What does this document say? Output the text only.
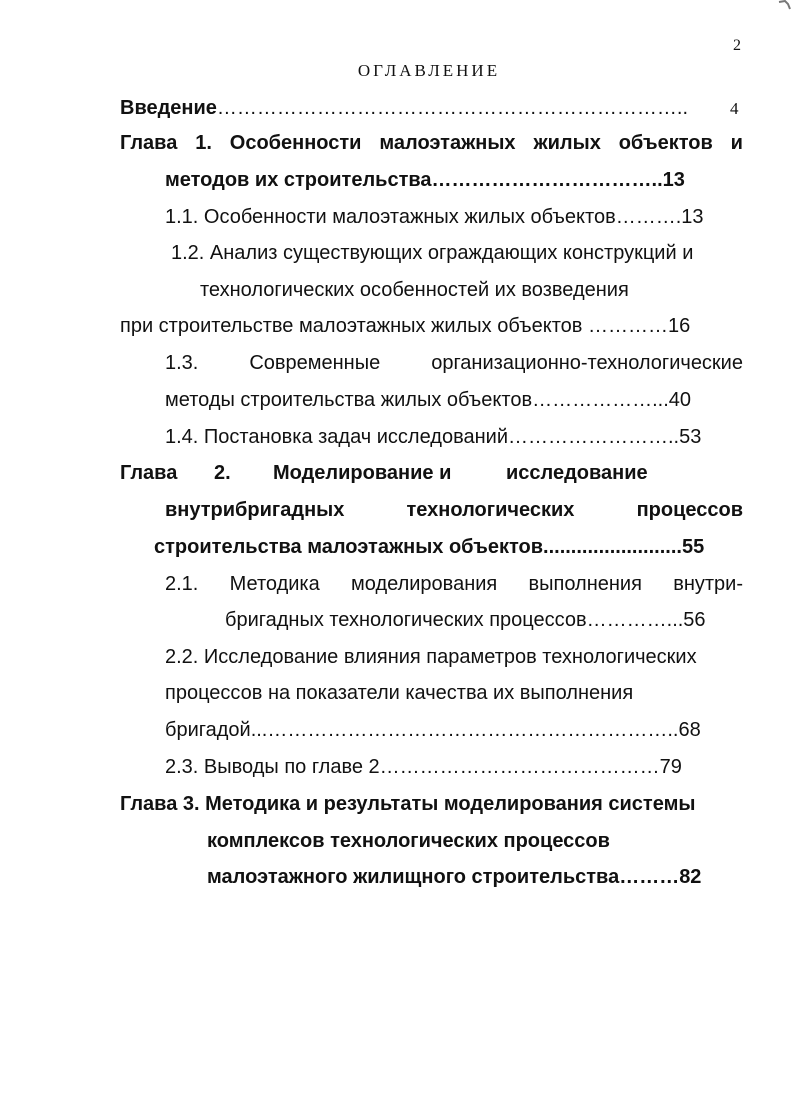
2
ОГЛАВЛЕНИЕ
Введение…………………………………………………………….. 4
Глава 1. Особенности малоэтажных жилых объектов и
методов их строительства……………………………..13
1.1. Особенности малоэтажных жилых объектов……….13
1.2. Анализ существующих ограждающих конструкций и
технологических особенностей их возведения
при строительстве малоэтажных жилых объектов …………16
1.3.	Современные	организационно-технологические
методы строительства жилых объектов………………...40
1.4. Постановка задач исследований……………………..53
Глава 2. Моделирование и	исследование
внутрибригадных	технологических	процессов
строительства малоэтажных объектов.........................55
2.1. Методика моделирования выполнения внутри-
бригадных технологических процессов…………...56
2.2. Исследование влияния параметров технологических
процессов на показатели качества их выполнения
бригадой...……………………………………………………..68
2.3. Выводы по главе 2……………………………………79
Глава 3. Методика и результаты моделирования системы
комплексов технологических процессов
малоэтажного жилищного строительства………82
